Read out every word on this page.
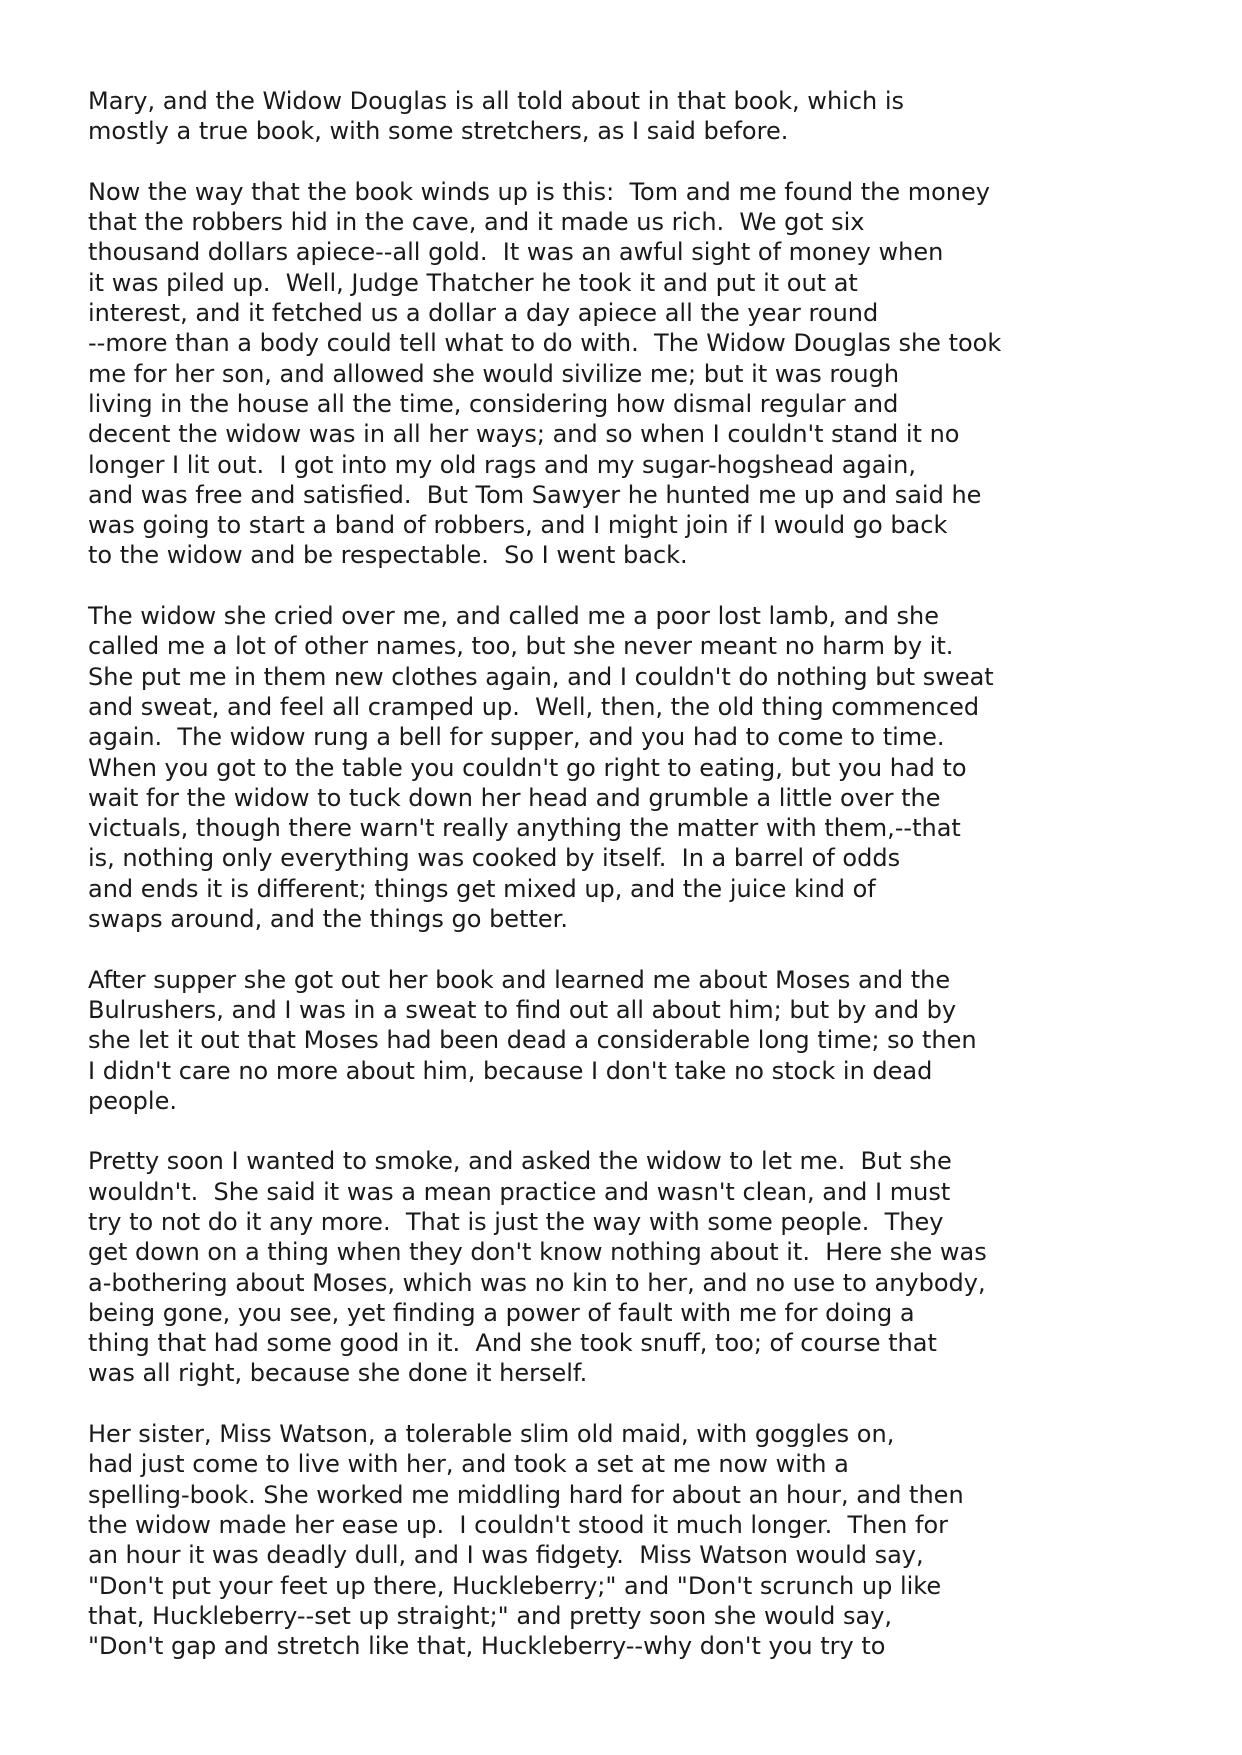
Mary, and the Widow Douglas is all told about in that book, which is
mostly a true book, with some stretchers, as I said before.
Now the way that the book winds up is this:  Tom and me found the money
that the robbers hid in the cave, and it made us rich.  We got six
thousand dollars apiece--all gold.  It was an awful sight of money when
it was piled up.  Well, Judge Thatcher he took it and put it out at
interest, and it fetched us a dollar a day apiece all the year round
--more than a body could tell what to do with.  The Widow Douglas she took
me for her son, and allowed she would sivilize me; but it was rough
living in the house all the time, considering how dismal regular and
decent the widow was in all her ways; and so when I couldn't stand it no
longer I lit out.  I got into my old rags and my sugar-hogshead again,
and was free and satisfied.  But Tom Sawyer he hunted me up and said he
was going to start a band of robbers, and I might join if I would go back
to the widow and be respectable.  So I went back.
The widow she cried over me, and called me a poor lost lamb, and she
called me a lot of other names, too, but she never meant no harm by it.
She put me in them new clothes again, and I couldn't do nothing but sweat
and sweat, and feel all cramped up.  Well, then, the old thing commenced
again.  The widow rung a bell for supper, and you had to come to time.
When you got to the table you couldn't go right to eating, but you had to
wait for the widow to tuck down her head and grumble a little over the
victuals, though there warn't really anything the matter with them,--that
is, nothing only everything was cooked by itself.  In a barrel of odds
and ends it is different; things get mixed up, and the juice kind of
swaps around, and the things go better.
After supper she got out her book and learned me about Moses and the
Bulrushers, and I was in a sweat to find out all about him; but by and by
she let it out that Moses had been dead a considerable long time; so then
I didn't care no more about him, because I don't take no stock in dead
people.
Pretty soon I wanted to smoke, and asked the widow to let me.  But she
wouldn't.  She said it was a mean practice and wasn't clean, and I must
try to not do it any more.  That is just the way with some people.  They
get down on a thing when they don't know nothing about it.  Here she was
a-bothering about Moses, which was no kin to her, and no use to anybody,
being gone, you see, yet finding a power of fault with me for doing a
thing that had some good in it.  And she took snuff, too; of course that
was all right, because she done it herself.
Her sister, Miss Watson, a tolerable slim old maid, with goggles on,
had just come to live with her, and took a set at me now with a
spelling-book. She worked me middling hard for about an hour, and then
the widow made her ease up.  I couldn't stood it much longer.  Then for
an hour it was deadly dull, and I was fidgety.  Miss Watson would say,
"Don't put your feet up there, Huckleberry;" and "Don't scrunch up like
that, Huckleberry--set up straight;" and pretty soon she would say,
"Don't gap and stretch like that, Huckleberry--why don't you try to
